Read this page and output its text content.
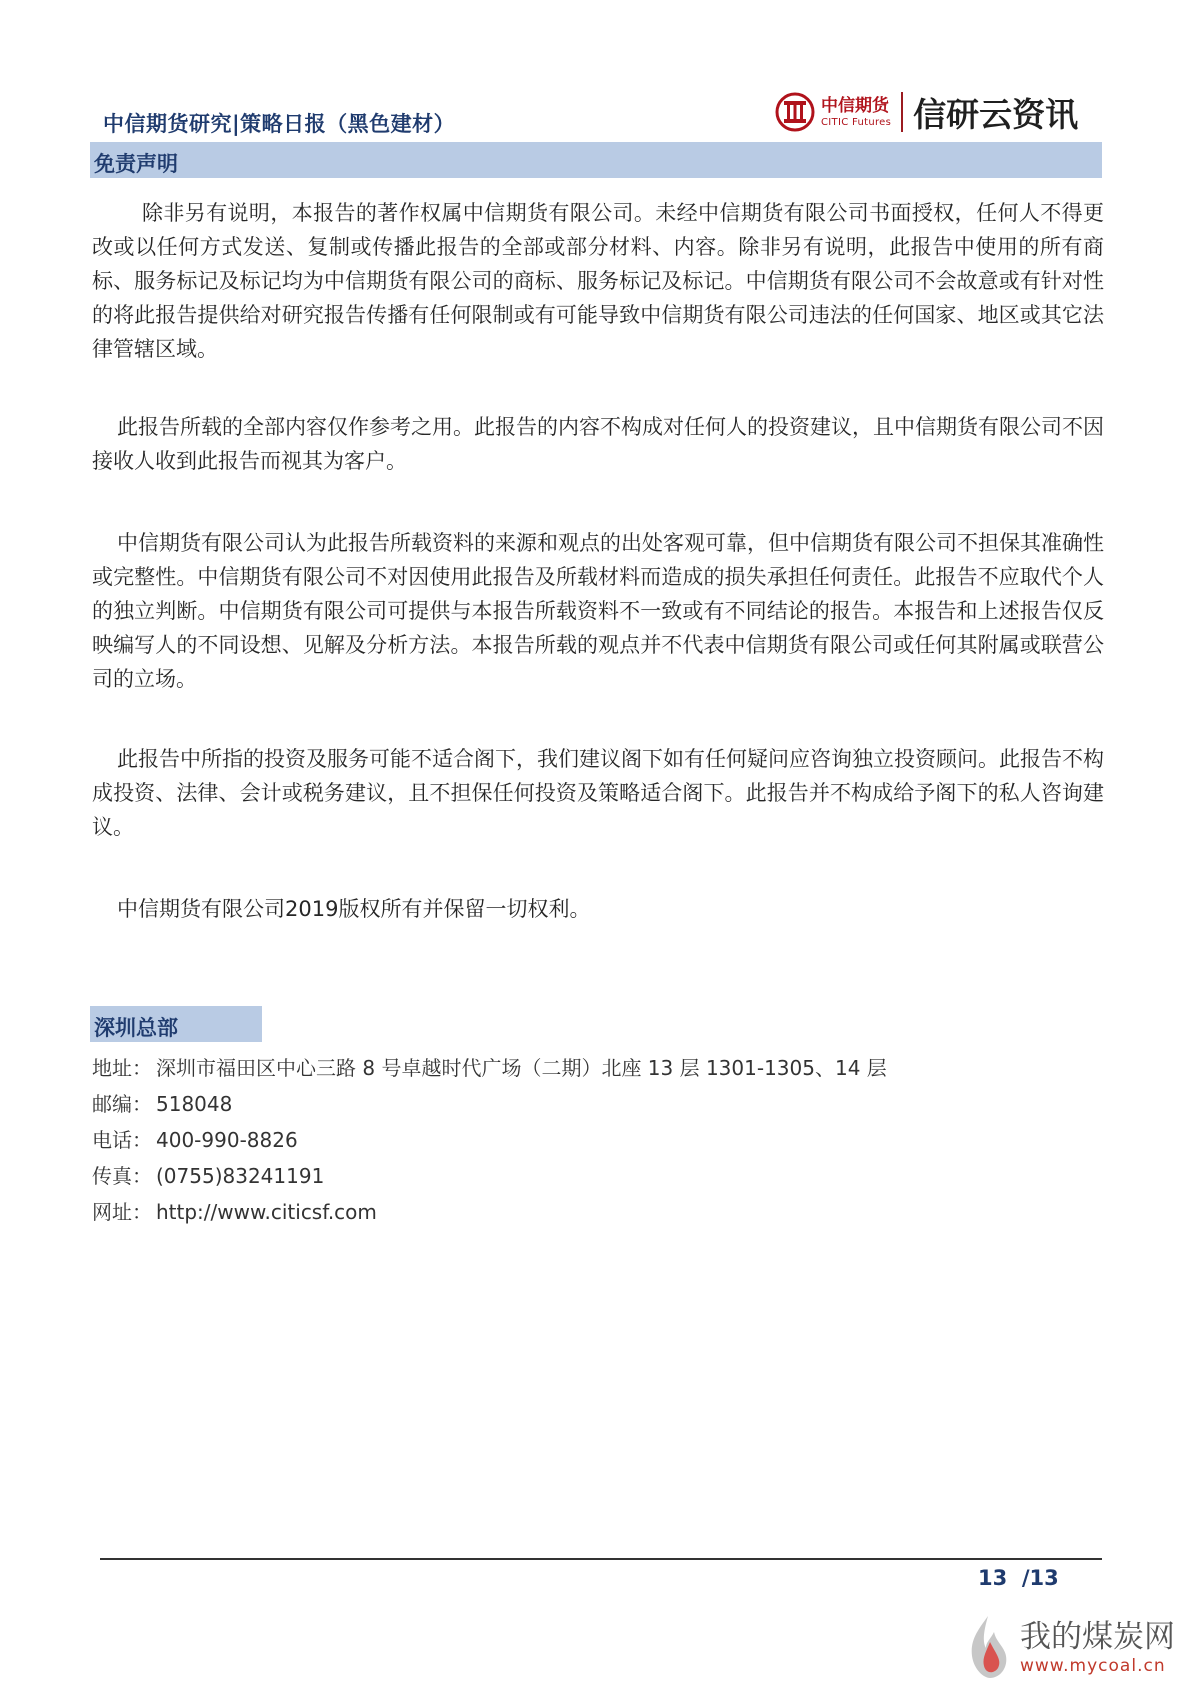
中信期货研究|策略日报（黑色建材）
中信期货
CITIC Futures 信研云资讯
免责声明
除非另有说明，本报告的著作权属中信期货有限公司。未经中信期货有限公司书面授权，任何人不得更改或以任何方式发送、复制或传播此报告的全部或部分材料、内容。除非另有说明，此报告中使用的所有商标、服务标记及标记均为中信期货有限公司的商标、服务标记及标记。中信期货有限公司不会故意或有针对性的将此报告提供给对研究报告传播有任何限制或有可能导致中信期货有限公司违法的任何国家、地区或其它法律管辖区域。
此报告所载的全部内容仅作参考之用。此报告的内容不构成对任何人的投资建议，且中信期货有限公司不因接收人收到此报告而视其为客户。
中信期货有限公司认为此报告所载资料的来源和观点的出处客观可靠，但中信期货有限公司不担保其准确性或完整性。中信期货有限公司不对因使用此报告及所载材料而造成的损失承担任何责任。此报告不应取代个人的独立判断。中信期货有限公司可提供与本报告所载资料不一致或有不同结论的报告。本报告和上述报告仅反映编写人的不同设想、见解及分析方法。本报告所载的观点并不代表中信期货有限公司或任何其附属或联营公司的立场。
此报告中所指的投资及服务可能不适合阁下，我们建议阁下如有任何疑问应咨询独立投资顾问。此报告不构成投资、法律、会计或税务建议，且不担保任何投资及策略适合阁下。此报告并不构成给予阁下的私人咨询建议。
中信期货有限公司2019版权所有并保留一切权利。
深圳总部
地址： 深圳市福田区中心三路 8 号卓越时代广场（二期）北座 13 层 1301-1305、14 层
邮编： 518048
电话： 400-990-8826
传真： (0755)83241191
网址： http://www.citicsf.com
13  /13
我的煤炭网
www.mycoal.cn
